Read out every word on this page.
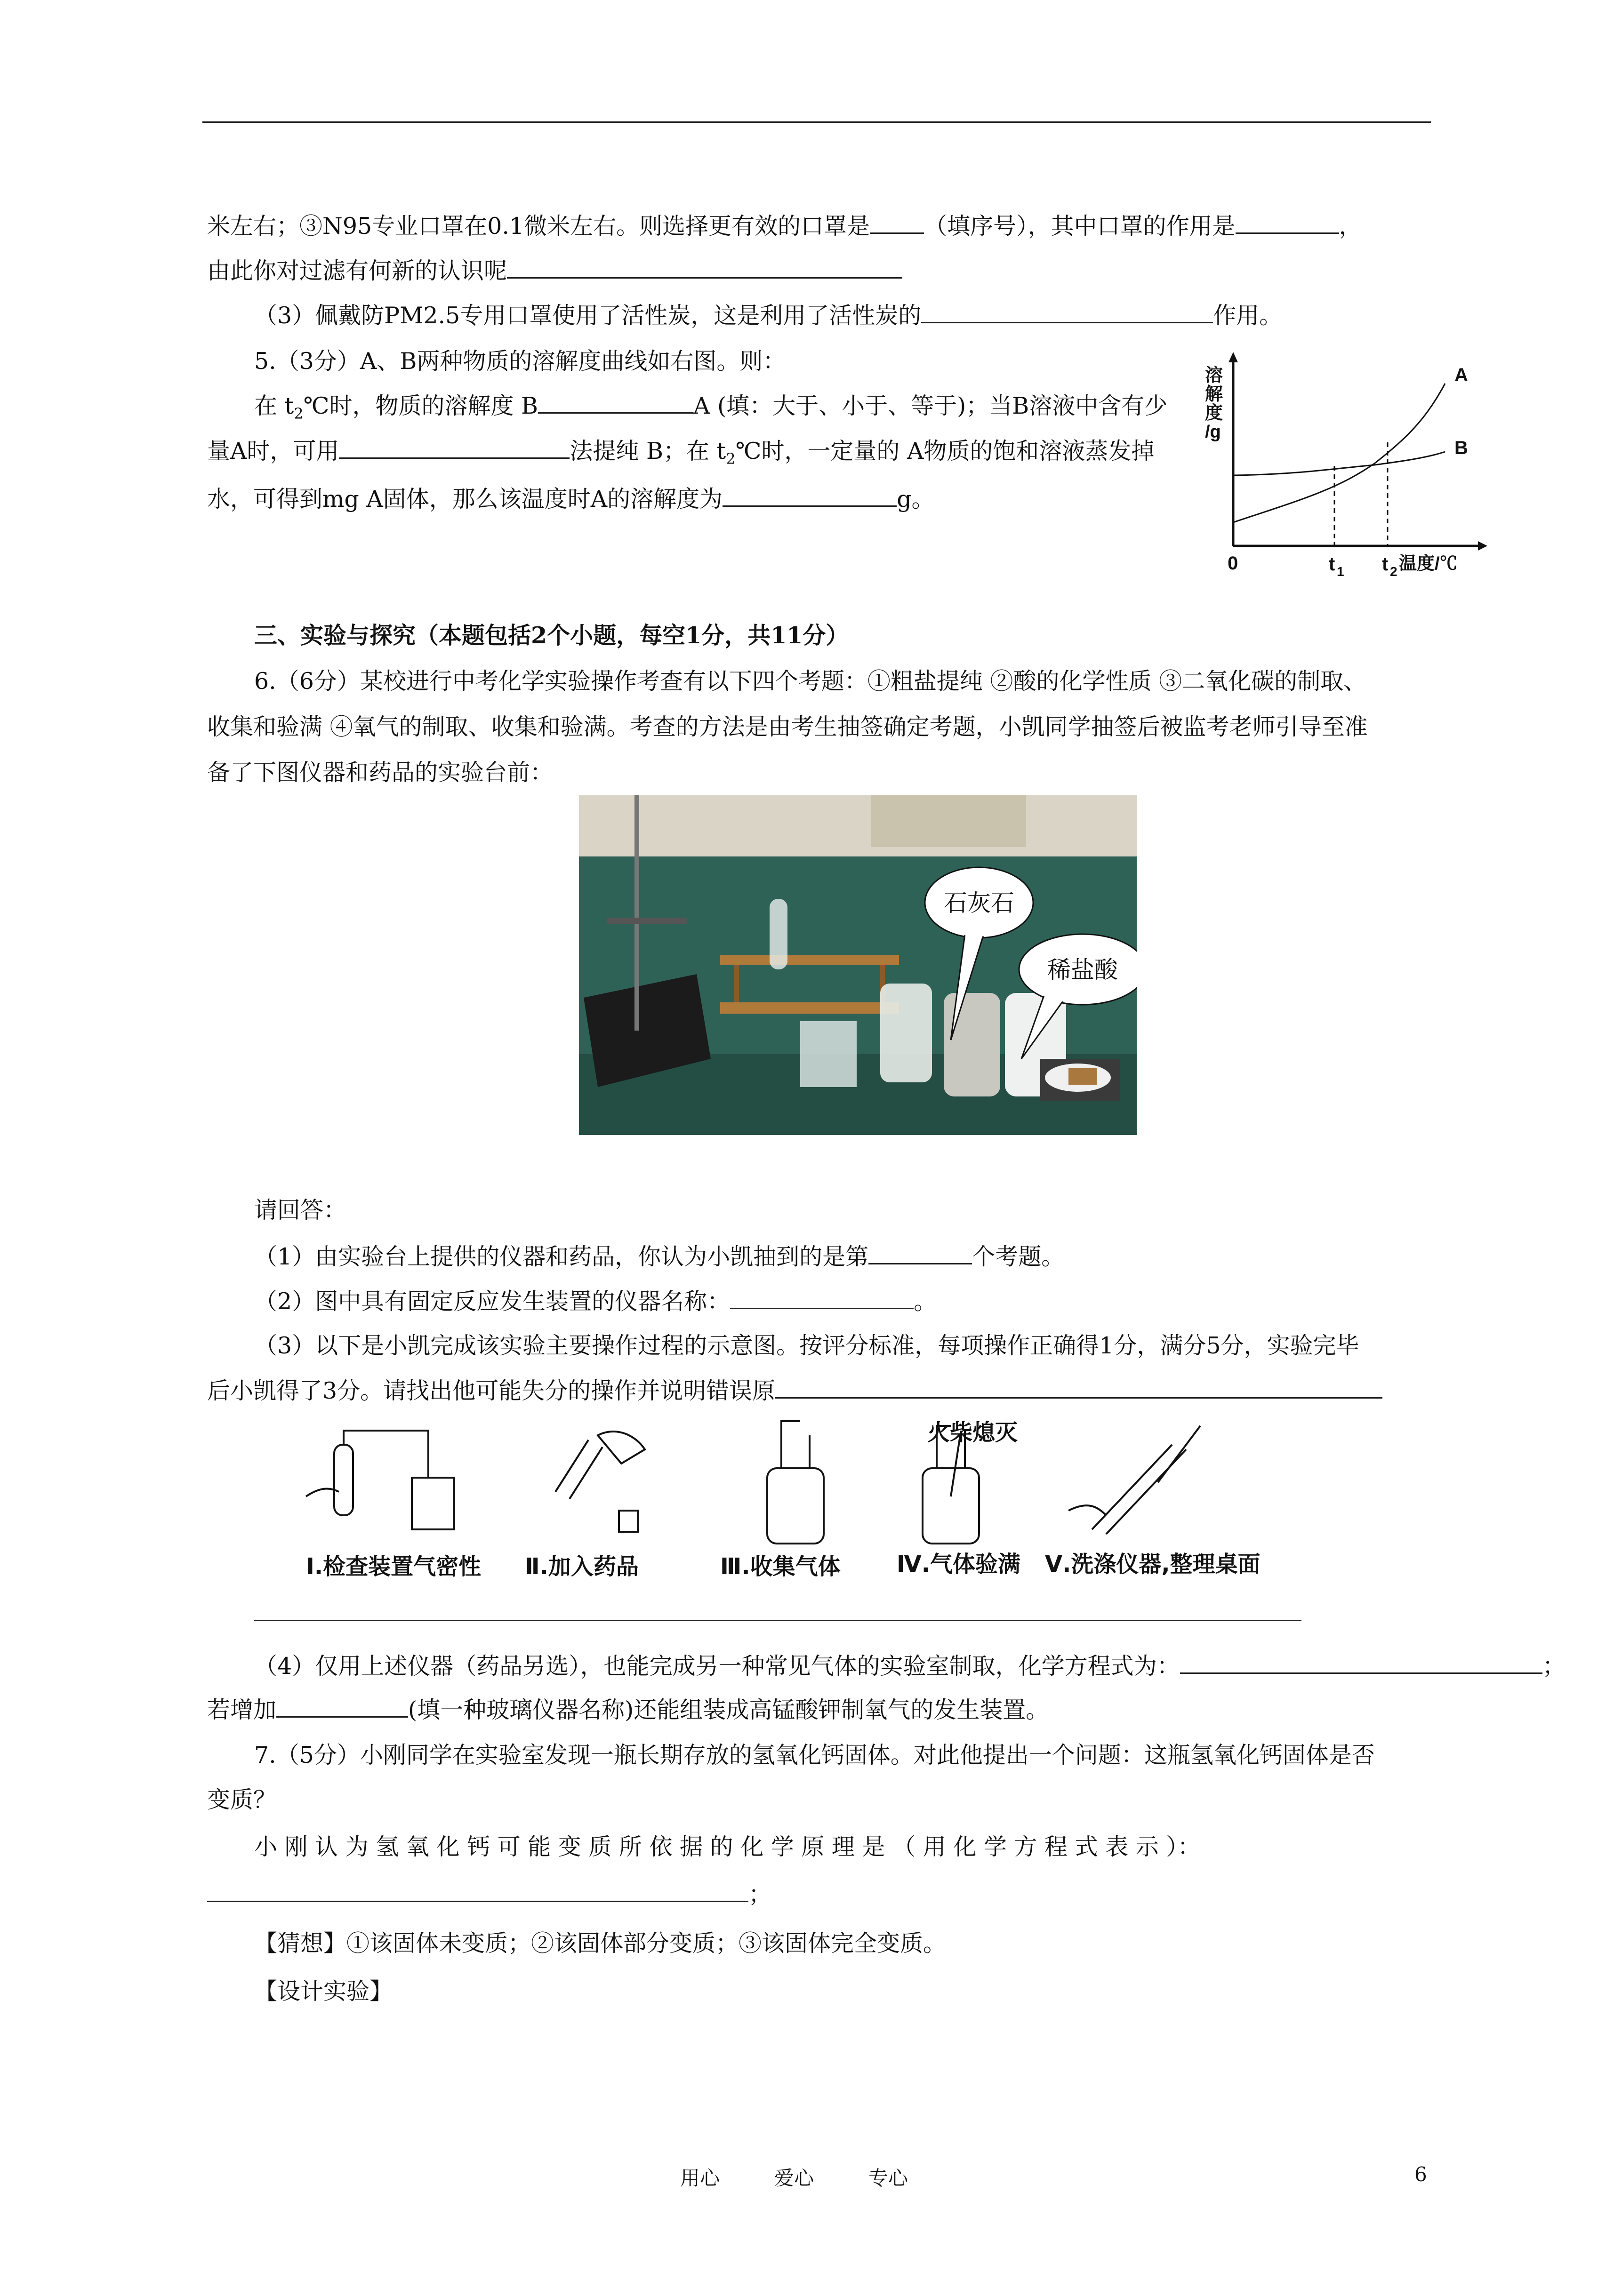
米左右；③N95专业口罩在0.1微米左右。则选择更有效的口罩是 （填序号），其中口罩的作用是	，
由此你对过滤有何新的认识呢
（3）佩戴防PM2.5专用口罩使用了活性炭，这是利用了活性炭的	作用。
5.（3分）A、B两种物质的溶解度曲线如右图。则：
在 $t_2℃$时，物质的溶解度 B	A (填：大于、小于、等于)；当B溶液中含有少
量A时，可用	法提纯 B；在 $t_2℃$时，一定量的 A物质的饱和溶液蒸发掉
水，可得到mg A固体，那么该温度时A的溶解度为	g。
溶
解
度
/g
0	t 1 t 2 温度/℃
A
B
三、实验与探究（本题包括2个小题，每空1分，共11分）
6.（6分）某校进行中考化学实验操作考查有以下四个考题：①粗盐提纯 ②酸的化学性质 ③二氧化碳的制取、
收集和验满 ④氧气的制取、收集和验满。考查的方法是由考生抽签确定考题，小凯同学抽签后被监考老师引导至准
备了下图仪器和药品的实验台前：
石灰石
稀盐酸
请回答：
（1）由实验台上提供的仪器和药品，你认为小凯抽到的是第	个考题。
（2）图中具有固定反应发生装置的仪器名称：	。
（3）以下是小凯完成该实验主要操作过程的示意图。按评分标准，每项操作正确得1分，满分5分，实验完毕
后小凯得了3分。请找出他可能失分的操作并说明错误原
火柴熄灭
Ⅰ.检查装置气密性 Ⅱ.加入药品	Ⅲ.收集气体 Ⅳ.气体验满 Ⅴ.洗涤仪器,整理桌面
（4）仅用上述仪器（药品另选），也能完成另一种常见气体的实验室制取，化学方程式为：	；
若增加	(填一种玻璃仪器名称)还能组装成高锰酸钾制氧气的发生装置。
7.（5分）小刚同学在实验室发现一瓶长期存放的氢氧化钙固体。对此他提出一个问题：这瓶氢氧化钙固体是否
变质？
小 刚 认 为 氢 氧 化 钙 可 能 变 质 所 依 据 的 化 学 原 理 是 （ 用 化 学 方 程 式 表 示 ）：
；
【猜想】①该固体未变质；②该固体部分变质；③该固体完全变质。
【设计实验】
用心	爱心	专心	6
